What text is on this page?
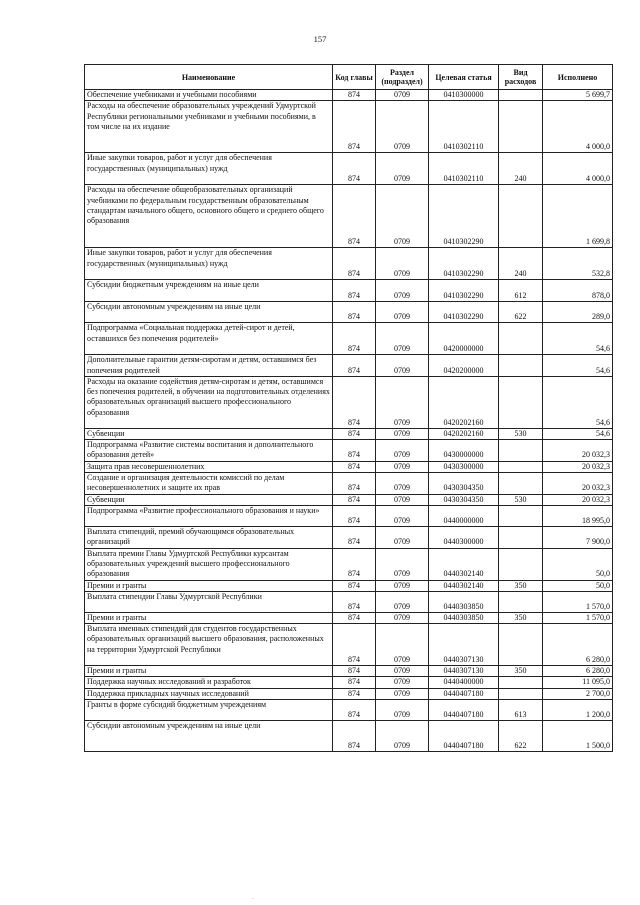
157
Наименование	Код главы	Раздел (подраздел)	Целевая статья	Вид расходов	Исполнено
Обеспечение учебниками и учебными пособиями	874	0709	0410300000		5 699,7
Расходы на обеспечение образовательных учреждений Удмуртской Республики региональными учебниками и учебными пособиями, в том числе на их издание	874	0709	0410302110		4 000,0
Иные закупки товаров, работ и услуг для обеспечения государственных (муниципальных) нужд	874	0709	0410302110	240	4 000,0
Расходы на обеспечение общеобразовательных организаций учебниками по федеральным государственным образовательным стандартам начального общего, основного общего и среднего общего образования	874	0709	0410302290		1 699,8
Иные закупки товаров, работ и услуг для обеспечения государственных (муниципальных) нужд	874	0709	0410302290	240	532,8
Субсидии бюджетным учреждениям на иные цели	874	0709	0410302290	612	878,0
Субсидии автономным учреждениям на иные цели	874	0709	0410302290	622	289,0
Подпрограмма «Социальная поддержка детей-сирот и детей, оставшихся без попечения родителей»	874	0709	0420000000		54,6
Дополнительные гарантии детям-сиротам и детям, оставшимся без попечения родителей	874	0709	0420200000		54,6
Расходы на оказание содействия детям-сиротам и детям, оставшимся без попечения родителей, в обучении на подготовительных отделениях образовательных организаций высшего профессионального образования	874	0709	0420202160		54,6
Субвенции	874	0709	0420202160	530	54,6
Подпрограмма «Развитие системы воспитания и дополнительного образования детей»	874	0709	0430000000		20 032,3
Защита прав несовершеннолетних	874	0709	0430300000		20 032,3
Создание и организация деятельности комиссий по делам несовершеннолетних и защите их прав	874	0709	0430304350		20 032,3
Субвенции	874	0709	0430304350	530	20 032,3
Подпрограмма «Развитие профессионального образования и науки»	874	0709	0440000000		18 995,0
Выплата стипендий, премий обучающимся образовательных организаций	874	0709	0440300000		7 900,0
Выплата премии Главы Удмуртской Республики курсантам образовательных учреждений высшего профессионального образования	874	0709	0440302140		50,0
Премии и гранты	874	0709	0440302140	350	50,0
Выплата стипендии Главы Удмуртской Республики	874	0709	0440303850		1 570,0
Премии и гранты	874	0709	0440303850	350	1 570,0
Выплата именных стипендий для студентов государственных образовательных организаций высшего образования, расположенных на территории Удмуртской Республики	874	0709	0440307130		6 280,0
Премии и гранты	874	0709	0440307130	350	6 280,0
Поддержка научных исследований и разработок	874	0709	0440400000		11 095,0
Поддержка прикладных научных исследований	874	0709	0440407180		2 700,0
Гранты в форме субсидий бюджетным учреждениям	874	0709	0440407180	613	1 200,0
Субсидии автономным учреждениям на иные цели	874	0709	0440407180	622	1 500,0
.
